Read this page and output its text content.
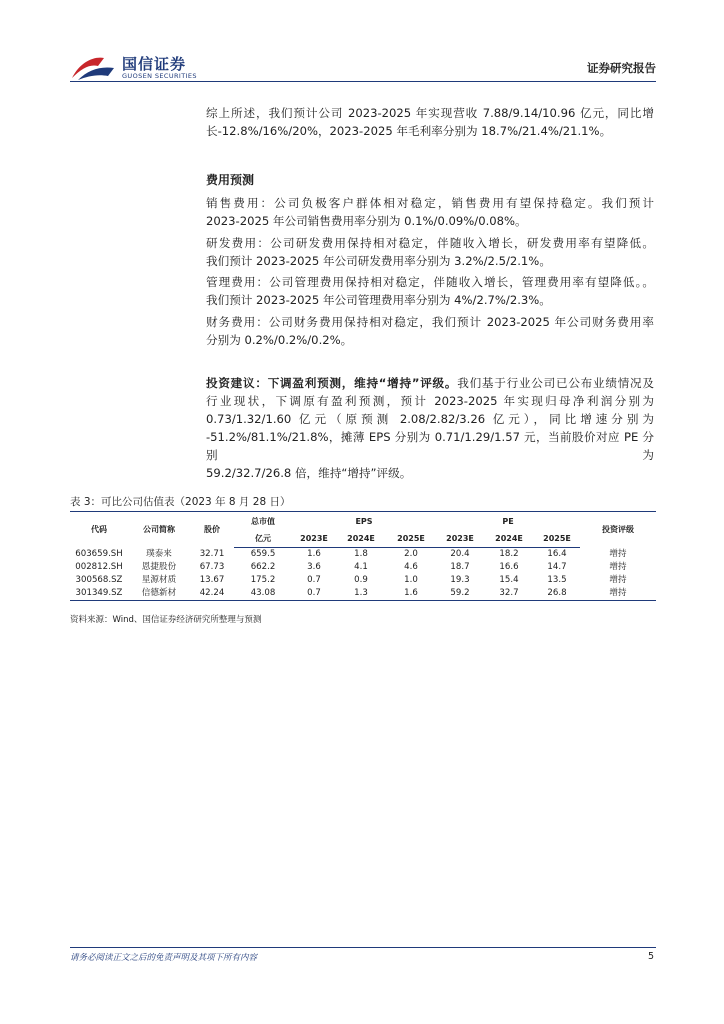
国信证券
GUOSEN SECURITIES
证券研究报告

综上所述，我们预计公司 2023-2025 年实现营收 7.88/9.14/10.96 亿元，同比增

长-12.8%/16%/20%，2023-2025 年毛利率分别为 18.7%/21.4%/21.1%。

费用预测

销售费用：公司负极客户群体相对稳定，销售费用有望保持稳定。我们预计

2023-2025 年公司销售费用率分别为 0.1%/0.09%/0.08%。

研发费用：公司研发费用保持相对稳定，伴随收入增长，研发费用率有望降低。

我们预计 2023-2025 年公司研发费用率分别为 3.2%/2.5/2.1%。

管理费用：公司管理费用保持相对稳定，伴随收入增长，管理费用率有望降低。。

我们预计 2023-2025 年公司管理费用率分别为 4%/2.7%/2.3%。

财务费用：公司财务费用保持相对稳定，我们预计 2023-2025 年公司财务费用率

分别为 0.2%/0.2%/0.2%。

投资建议：下调盈利预测，维持“增持”评级。我们基于行业公司已公布业绩情况及

行业现状，下调原有盈利预测，预计 2023-2025 年实现归母净利润分别为

0.73/1.32/1.60 亿元（原预测 2.08/2.82/3.26 亿元），同比增速分别为

-51.2%/81.1%/21.8%，摊薄 EPS 分别为 0.71/1.29/1.57 元，当前股价对应 PE 分别为

59.2/32.7/26.8 倍，维持“增持”评级。

表 3：可比公司估值表（2023 年 8 月 28 日）
代码	公司简称	股价	总市值	EPS			PE			投资评级
			亿元	2023E	2024E	2025E	2023E	2024E	2025E	
603659.SH	璞泰来	32.71	659.5	1.6	1.8	2.0	20.4	18.2	16.4	增持
002812.SH	恩捷股份	67.73	662.2	3.6	4.1	4.6	18.7	16.6	14.7	增持
300568.SZ	星源材质	13.67	175.2	0.7	0.9	1.0	19.3	15.4	13.5	增持
301349.SZ	信德新材	42.24	43.08	0.7	1.3	1.6	59.2	32.7	26.8	增持
资料来源：Wind、国信证券经济研究所整理与预测
请务必阅读正文之后的免责声明及其项下所有内容	5
